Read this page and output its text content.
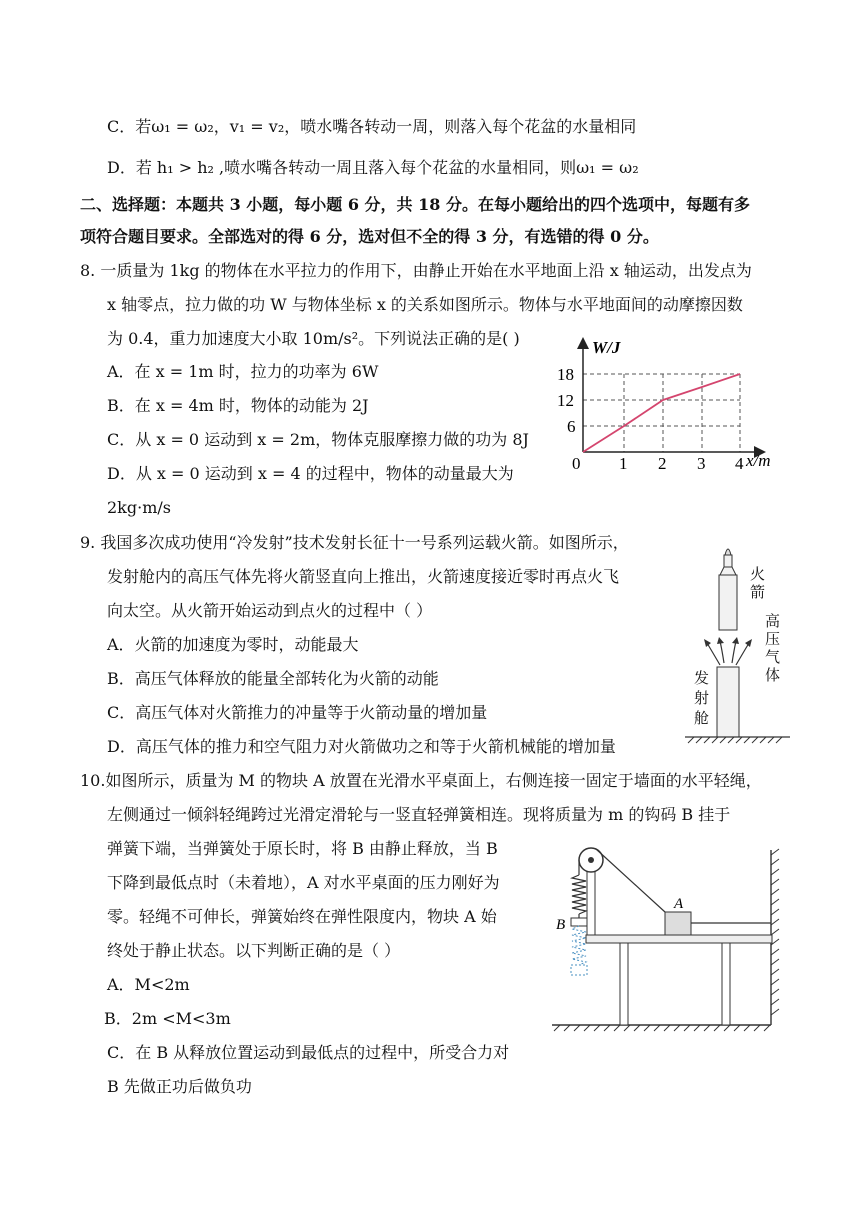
C．若ω₁ = ω₂，v₁ = v₂，喷水嘴各转动一周，则落入每个花盆的水量相同
D．若 h₁ > h₂ ,喷水嘴各转动一周且落入每个花盆的水量相同，则ω₁ = ω₂
二、选择题：本题共 3 小题，每小题 6 分，共 18 分。在每小题给出的四个选项中，每题有多
项符合题目要求。全部选对的得 6 分，选对但不全的得 3 分，有选错的得 0 分。
8. 一质量为 1kg 的物体在水平拉力的作用下，由静止开始在水平地面上沿 x 轴运动，出发点为
x 轴零点，拉力做的功 W 与物体坐标 x 的关系如图所示。物体与水平地面间的动摩擦因数
为 0.4，重力加速度大小取 10m/s²。下列说法正确的是( )
A．在 x = 1m 时，拉力的功率为 6W
B．在 x = 4m 时，物体的动能为 2J
C．从 x = 0 运动到 x = 2m，物体克服摩擦力做的功为 8J
D．从 x = 0 运动到 x = 4 的过程中，物体的动量最大为
2kg·m/s
W/J
x/m
0 1 2 3 4
6
12
18
9. 我国多次成功使用“冷发射”技术发射长征十一号系列运载火箭。如图所示，
发射舱内的高压气体先将火箭竖直向上推出，火箭速度接近零时再点火飞
向太空。从火箭开始运动到点火的过程中（ ）
A．火箭的加速度为零时，动能最大
B．高压气体释放的能量全部转化为火箭的动能
C．高压气体对火箭推力的冲量等于火箭动量的增加量
D．高压气体的推力和空气阻力对火箭做功之和等于火箭机械能的增加量
火箭
高压气体
发射舱
10.如图所示，质量为 M 的物块 A 放置在光滑水平桌面上，右侧连接一固定于墙面的水平轻绳，
左侧通过一倾斜轻绳跨过光滑定滑轮与一竖直轻弹簧相连。现将质量为 m 的钩码 B 挂于
弹簧下端，当弹簧处于原长时，将 B 由静止释放，当 B
下降到最低点时（未着地），A 对水平桌面的压力刚好为
零。轻绳不可伸长，弹簧始终在弹性限度内，物块 A 始
终处于静止状态。以下判断正确的是（ ）
A．M<2m
B．2m <M<3m
C．在 B 从释放位置运动到最低点的过程中，所受合力对
B 先做正功后做负功
A
B
